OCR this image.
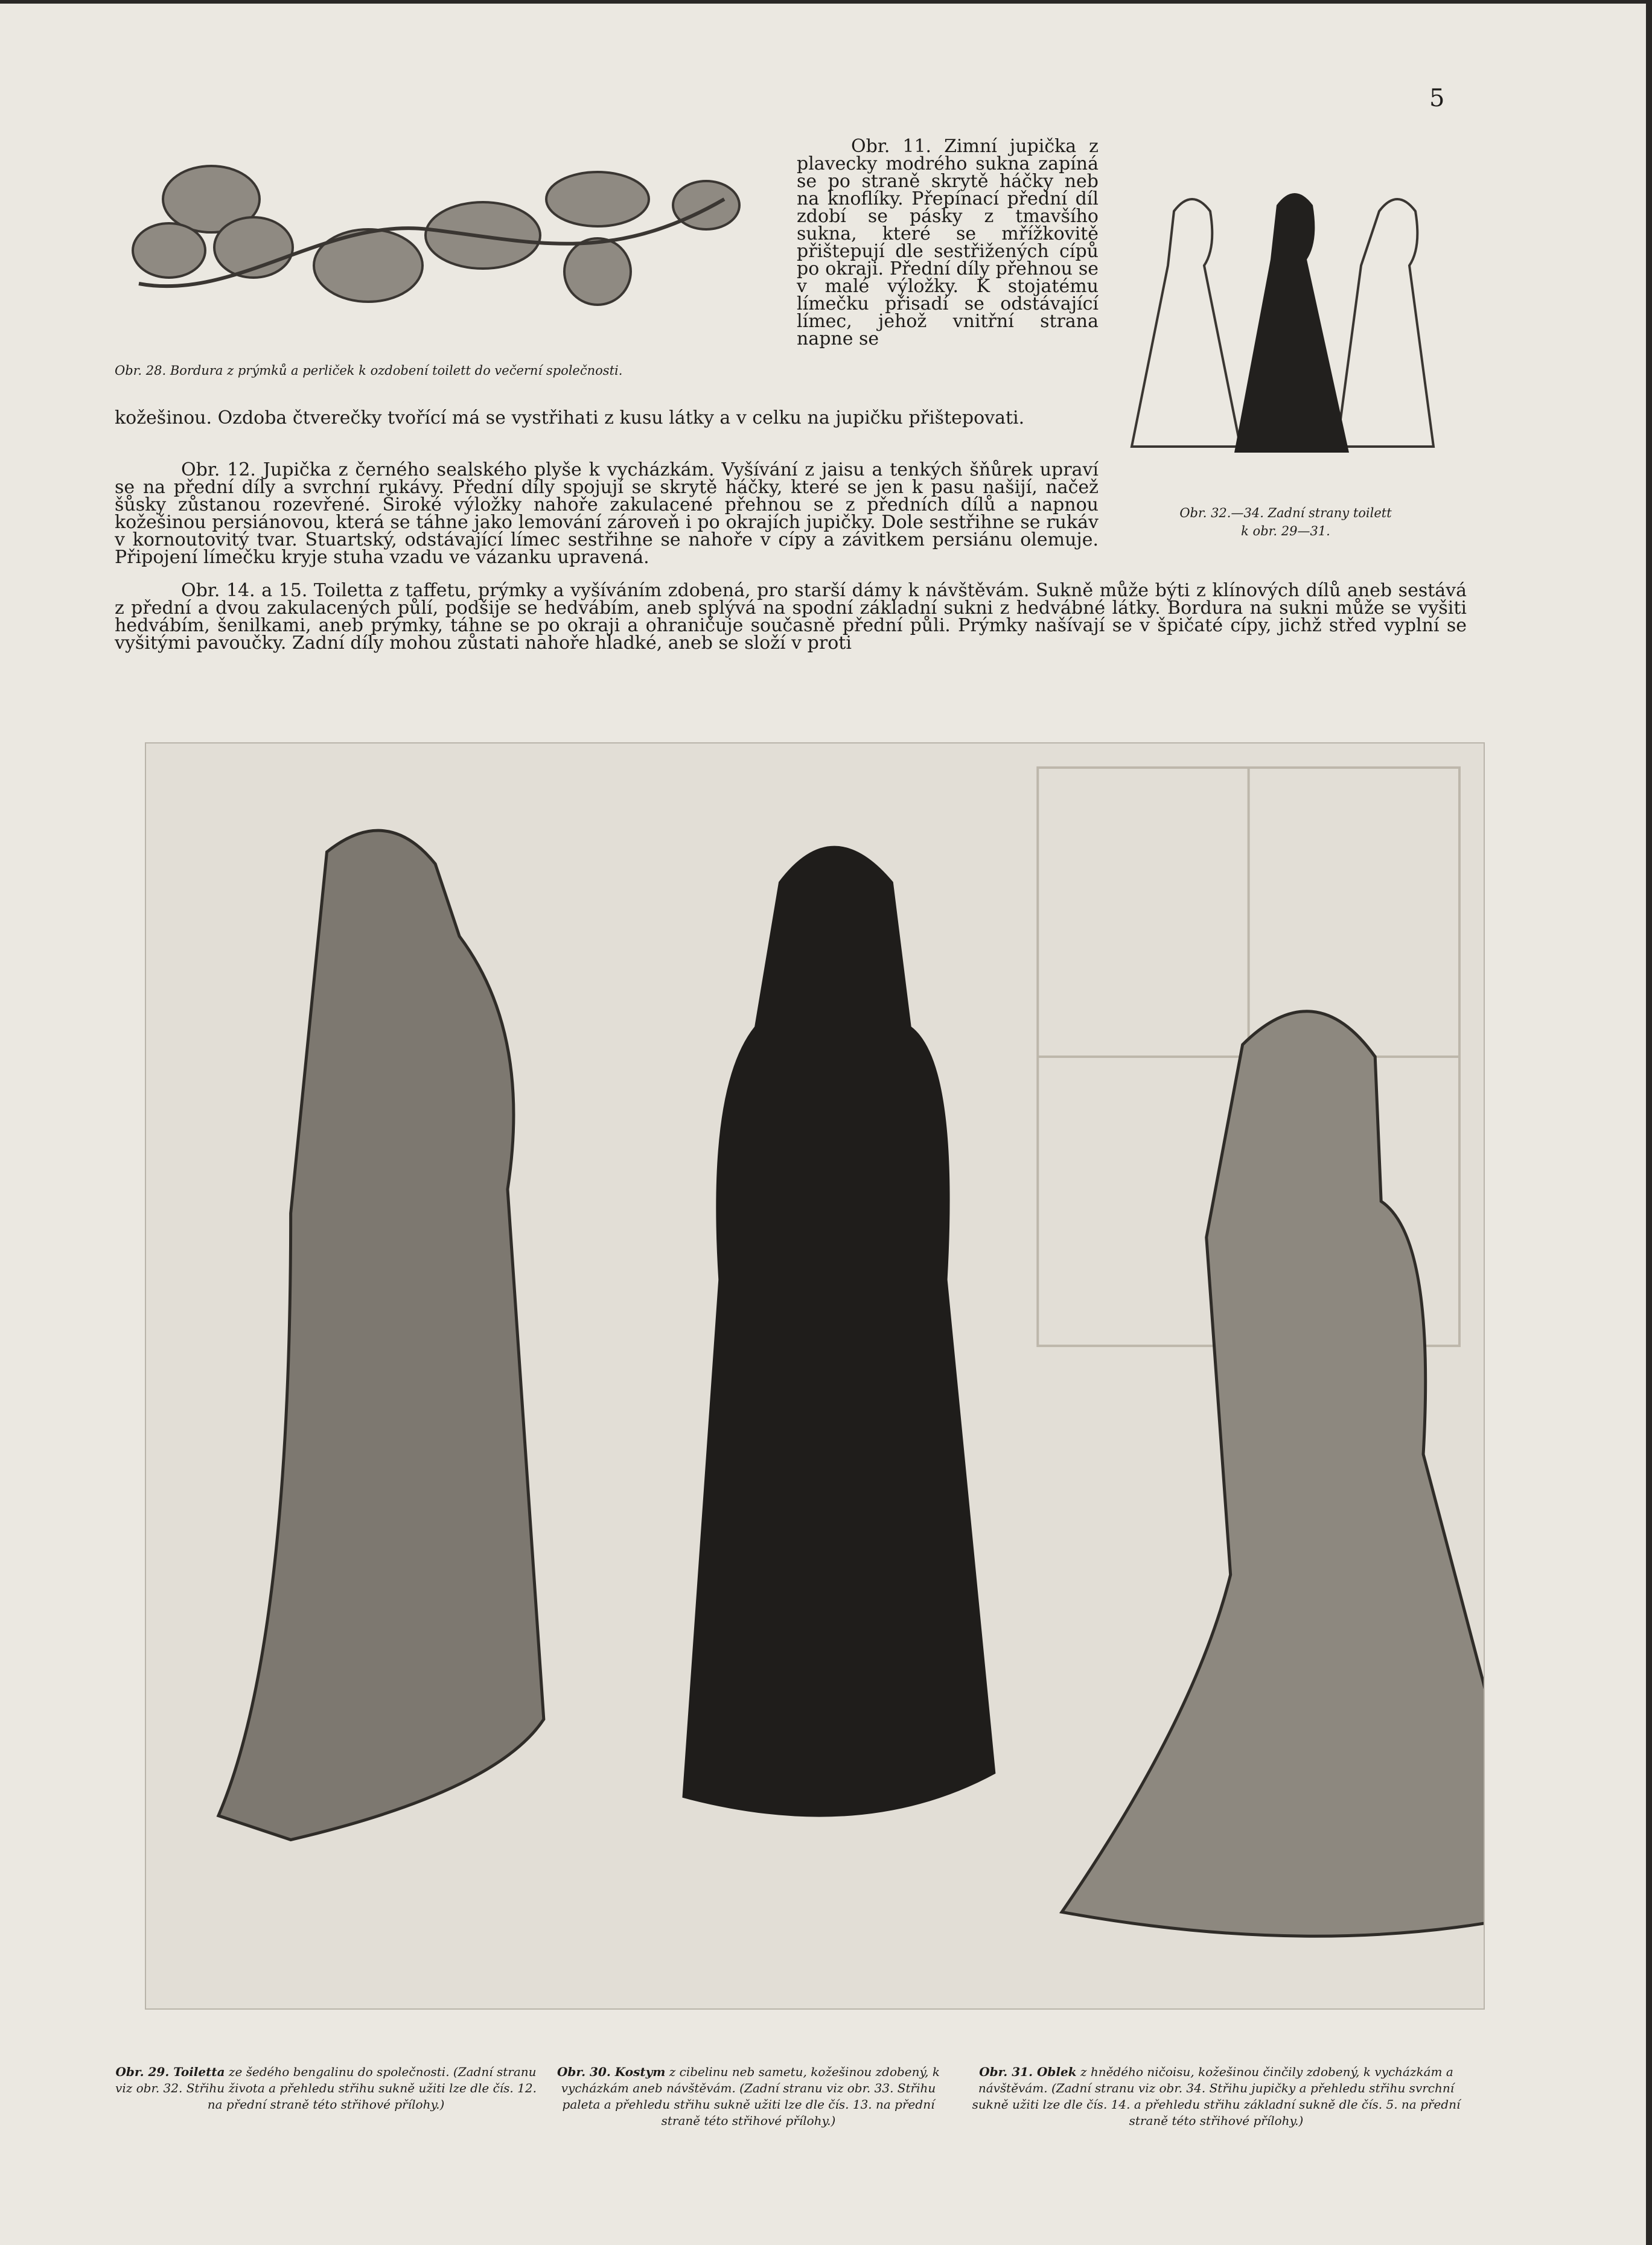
5
Obr. 28. Bordura z prýmků a perliček k ozdobení toilett do večerní společnosti.
Obr. 11. Zimní jupička z plavecky modrého sukna zapíná se po straně skrytě háčky neb na knoflíky. Přepínací přední díl zdobí se pásky z tmavšího sukna, které se mřížkovitě přištepují dle sestřižených cípů po okraji. Přední díly přehnou se v malé výložky. K stojatému límečku přisadí se odstávající límec, jehož vnitřní strana napne se
Obr. 32.—34. Zadní strany toilett
k obr. 29—31.
kožešinou. Ozdoba čtverečky tvořící má se vystřihati z kusu látky a v celku na jupičku přištepovati.

Obr. 12. Jupička z černého sealského plyše k vycházkám. Vyšívání z jaisu a tenkých šňůrek upraví se na přední díly a svrchní rukávy. Přední díly spojují se skrytě háčky, které se jen k pasu našijí, načež šůsky zůstanou rozevřené. Široké výložky nahoře zakulacené přehnou se z předních dílů a napnou kožešinou persiánovou, která se táhne jako lemování zároveň i po okrajích jupičky. Dole sestřihne se rukáv v kornoutovitý tvar. Stuartský, odstávající límec sestřihne se nahoře v cípy a závitkem persiánu olemuje. Připojení límečku kryje stuha vzadu ve vázanku upravená.

Obr. 14. a 15. Toiletta z taffetu, prýmky a vyšíváním zdobená, pro starší dámy k návštěvám. Sukně může býti z klínových dílů aneb sestává z přední a dvou zakulacených půlí, podšije se hedvábím, aneb splývá na spodní základní sukni z hedvábné látky. Bordura na sukni může se vyšiti hedvábím, šenilkami, aneb prýmky, táhne se po okraji a ohraničuje současně přední půli. Prýmky našívají se v špičaté cípy, jichž střed vyplní se vyšitými pavoučky. Zadní díly mohou zůstati nahoře hladké, aneb se složí v proti

Obr. 29. Toiletta ze šedého bengalinu do společnosti. (Zadní stranu viz obr. 32. Střihu života a přehledu střihu sukně užiti lze dle čís. 12. na přední straně této střihové přílohy.)
Obr. 30. Kostym z cibelinu neb sametu, kožešinou zdobený, k vycházkám aneb návštěvám. (Zadní stranu viz obr. 33. Střihu paleta a přehledu střihu sukně užiti lze dle čís. 13. na přední straně této střihové přílohy.)
Obr. 31. Oblek z hnědého ničoisu, kožešinou činčily zdobený, k vycházkám a návštěvám. (Zadní stranu viz obr. 34. Střihu jupičky a přehledu střihu svrchní sukně užiti lze dle čís. 14. a přehledu střihu základní sukně dle čís. 5. na přední straně této střihové přílohy.)
